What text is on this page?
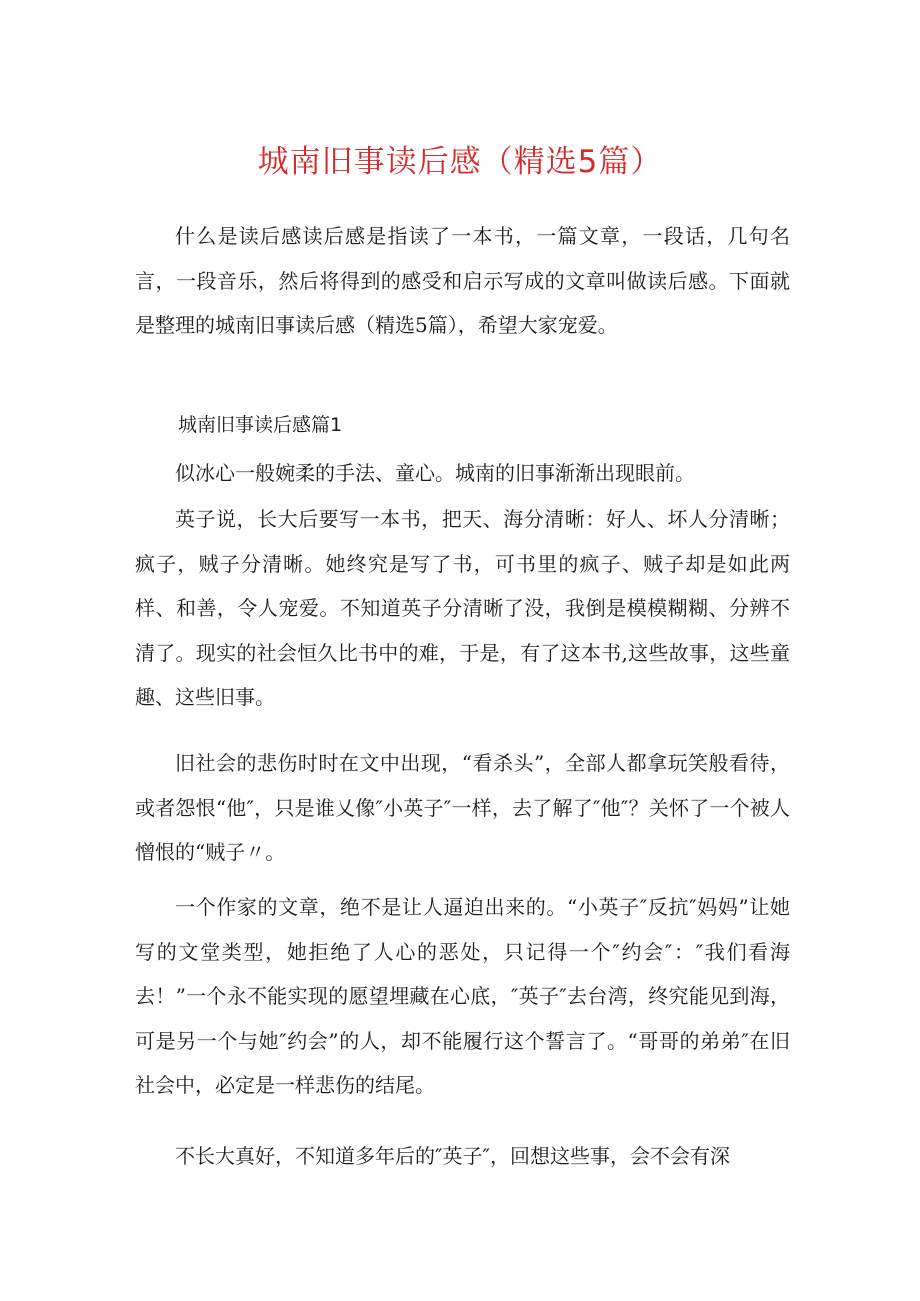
城南旧事读后感（精选5篇）

什么是读后感读后感是指读了一本书，一篇文章，一段话，几句名言，一段音乐，然后将得到的感受和启示写成的文章叫做读后感。下面就是整理的城南旧事读后感（精选5篇），希望大家宠爱。

城南旧事读后感篇1

似冰心一般婉柔的手法、童心。城南的旧事渐渐出现眼前。

英子说，长大后要写一本书，把天、海分清晰：好人、坏人分清晰；疯子，贼子分清晰。她终究是写了书，可书里的疯子、贼子却是如此两样、和善，令人宠爱。不知道英子分清晰了没，我倒是模模糊糊、分辨不清了。现实的社会恒久比书中的难，于是，有了这本书,这些故事，这些童趣、这些旧事。

旧社会的悲伤时时在文中出现，“看杀头”，全部人都拿玩笑般看待，或者怨恨“他″，只是谁乂像″小英子″一样，去了解了″他″？关怀了一个被人憎恨的“贼子〃。

一个作家的文章，绝不是让人逼迫出来的。“小英子″反抗″妈妈”让她写的文堂类型，她拒绝了人心的恶处，只记得一个″约会″：″我们看海去！”一个永不能实现的愿望埋藏在心底，″英子″去台湾，终究能见到海，可是另一个与她″约会”的人，却不能履行这个誓言了。“哥哥的弟弟″在旧社会中，必定是一样悲伤的结尾。

不长大真好，不知道多年后的″英子″，回想这些事，会不会有深
